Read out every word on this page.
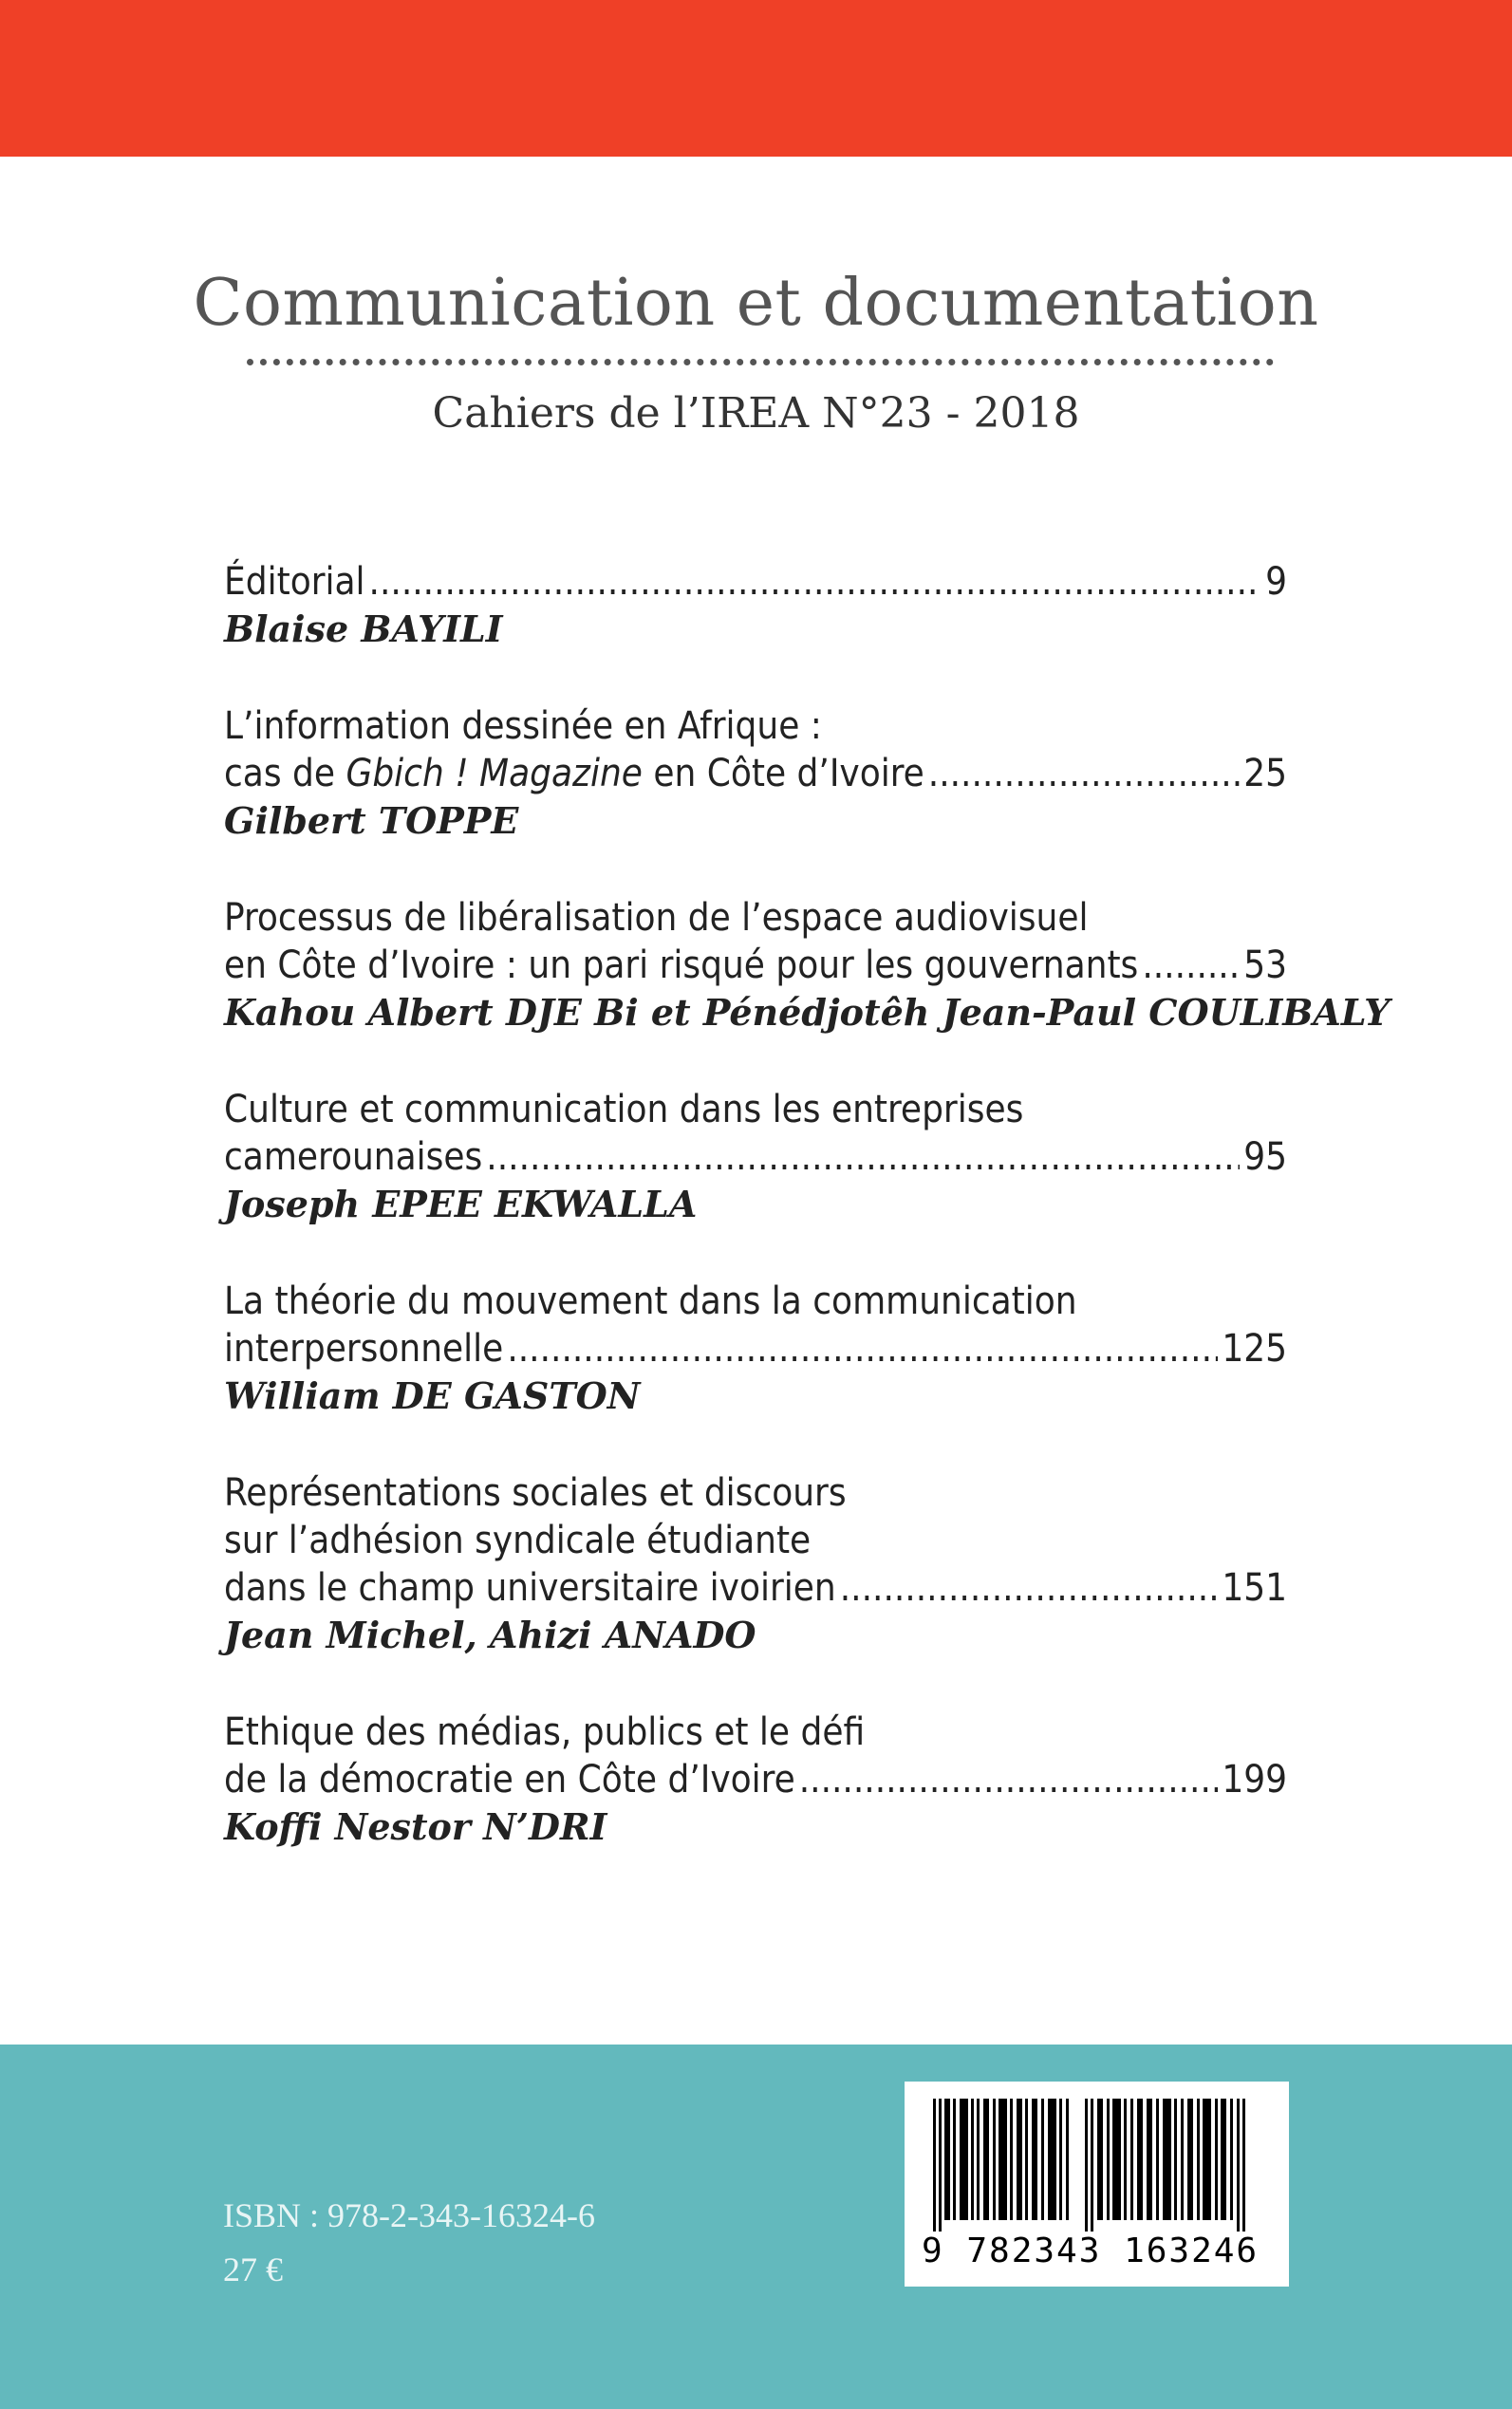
Communication et documentation
Cahiers de l’IREA N°23 - 2018
Éditorial .....	9
Blaise BAYILI
L’information dessinée en Afrique :
cas de Gbich ! Magazine en Côte d’Ivoire .....	25
Gilbert TOPPE
Processus de libéralisation de l’espace audiovisuel
en Côte d’Ivoire : un pari risqué pour les gouvernants .....	53
Kahou Albert DJE Bi et Pénédjotêh Jean-Paul COULIBALY
Culture et communication dans les entreprises
camerounaises .....	95
Joseph EPEE EKWALLA
La théorie du mouvement dans la communication
interpersonnelle .....	125
William DE GASTON
Représentations sociales et discours
sur l’adhésion syndicale étudiante
dans le champ universitaire ivoirien .....	151
Jean Michel, Ahizi ANADO
Ethique des médias, publics et le défi
de la démocratie en Côte d’Ivoire .....	199
Koffi Nestor N’DRI
ISBN : 978-2-343-16324-6
27 €	9 782343 163246
